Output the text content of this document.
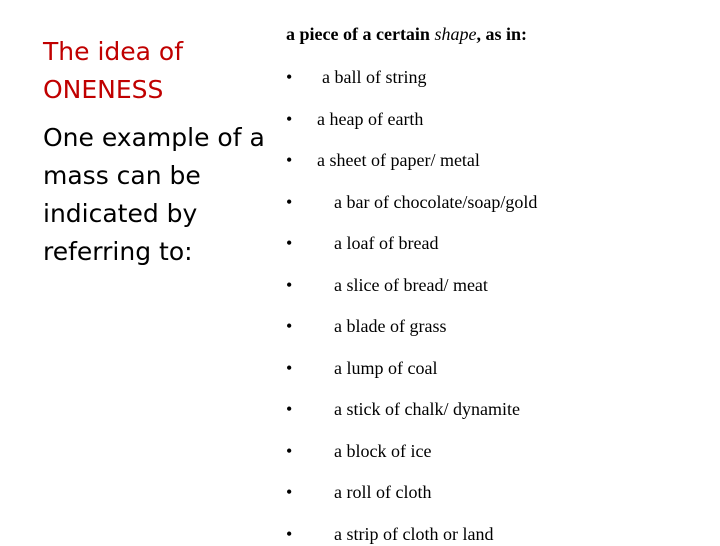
The idea of
ONENESS

One example of a mass can be indicated by referring to:

a piece of a certain shape, as in:
• a ball of string
• a heap of earth
• a sheet of paper/ metal
• a bar of chocolate/soap/gold
• a loaf of bread
• a slice of bread/ meat
• a blade of grass
• a lump of coal
• a stick of chalk/ dynamite
• a block of ice
• a roll of cloth
• a strip of cloth or land
